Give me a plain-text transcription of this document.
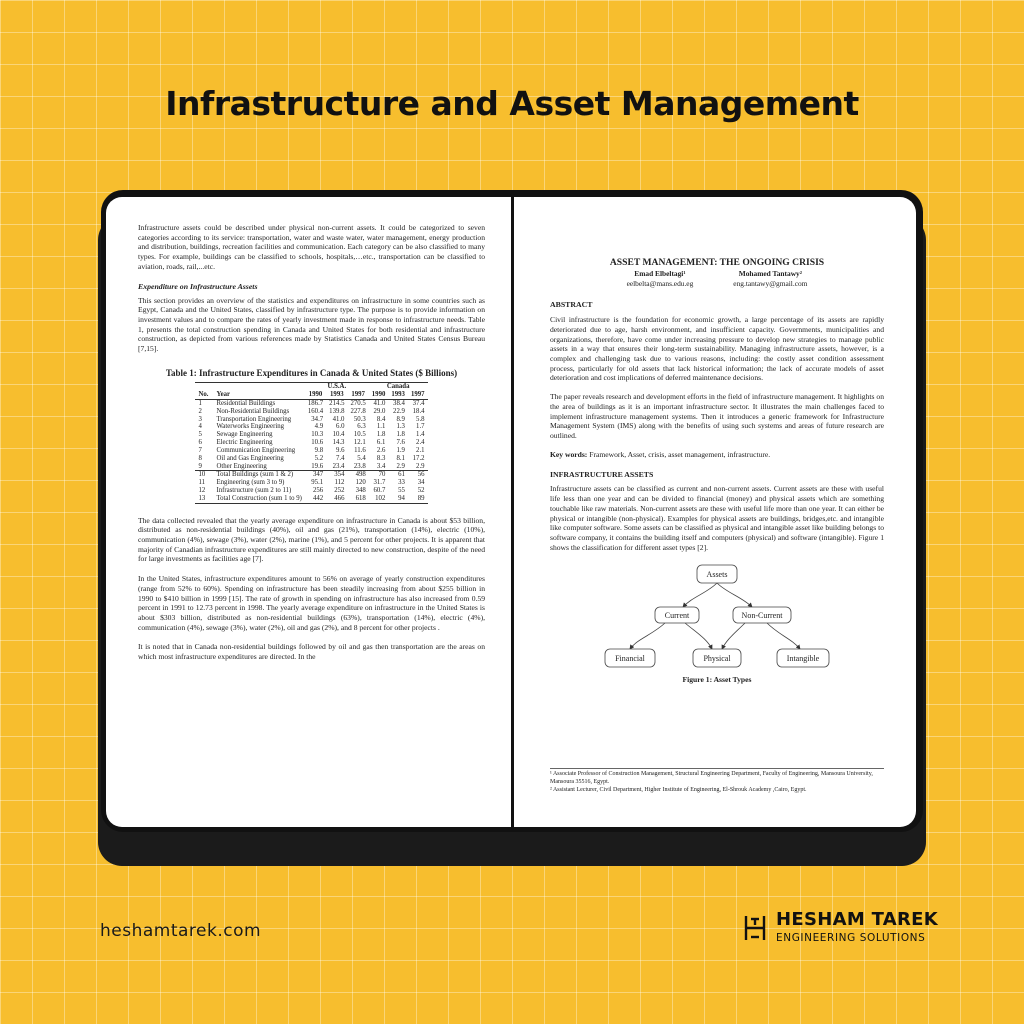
Infrastructure and Asset Management

Infrastructure assets could be described under physical non-current assets. It could be categorized to seven categories according to its service: transportation, water and waste water, water management, energy production and distribution, buildings, recreation facilities and communication. Each category can be also classified to many types. For example, buildings can be classified to schools, hospitals,…etc., transportation can be classified to aviation, roads, rail,...etc.

Expenditure on Infrastructure Assets

This section provides an overview of the statistics and expenditures on infrastructure in some countries such as Egypt, Canada and the United States, classified by infrastructure type. The purpose is to provide information on investment values and to compare the rates of yearly investment made in response to infrastructure needs. Table 1, presents the total construction spending in Canada and United States for both residential and infrastructure construction, as depicted from various references made by Statistics Canada and United States Census Bureau [7,15].

Table 1: Infrastructure Expenditures in Canada & United States ($ Billions)
		U.S.A.			Canada		
No.	Year	1990	1993	1997	1990	1993	1997
1	Residential Buildings	186.7	214.5	270.5	41.0	38.4	37.4
2	Non-Residential Buildings	160.4	139.8	227.8	29.0	22.9	18.4
3	Transportation Engineering	34.7	41.0	50.3	8.4	8.9	5.8
4	Waterworks Engineering	4.9	6.0	6.3	1.1	1.3	1.7
5	Sewage Engineering	10.3	10.4	10.5	1.8	1.8	1.4
6	Electric Engineering	10.6	14.3	12.1	6.1	7.6	2.4
7	Communication Engineering	9.8	9.6	11.6	2.6	1.9	2.1
8	Oil and Gas Engineering	5.2	7.4	5.4	8.3	8.1	17.2
9	Other Engineering	19.6	23.4	23.8	3.4	2.9	2.9
10	Total Buildings (sum 1 & 2)	347	354	498	70	61	56
11	Engineering (sum 3 to 9)	95.1	112	120	31.7	33	34
12	Infrastructure (sum 2 to 11)	256	252	348	60.7	55	52
13	Total Construction (sum 1 to 9)	442	466	618	102	94	89

The data collected revealed that the yearly average expenditure on infrastructure in Canada is about $53 billion, distributed as non-residential buildings (40%), oil and gas (21%), transportation (14%), electric (10%), communication (4%), sewage (3%), water (2%), marine (1%), and 5 percent for other projects. It is apparent that majority of Canadian infrastructure expenditures are still mainly directed to new construction, despite of the need for large investments as facilities age [7].

In the United States, infrastructure expenditures amount to 56% on average of yearly construction expenditures (range from 52% to 60%). Spending on infrastructure has been steadily increasing from about $255 billion in 1990 to $410 billion in 1999 [15]. The rate of growth in spending on infrastructure has also increased from 0.59 percent in 1991 to 12.73 percent in 1998. The yearly average expenditure on infrastructure in the United States is about $303 billion, distributed as non-residential buildings (63%), transportation (14%), electric (4%), communication (4%), sewage (3%), water (2%), oil and gas (2%), and 8 percent for other projects .

It is noted that in Canada non-residential buildings followed by oil and gas then transportation are the areas on which most infrastructure expenditures are directed. In the

ASSET MANAGEMENT: THE ONGOING CRISIS
Emad Elbeltagi¹
eelbelta@mans.edu.eg
Mohamed Tantawy²
eng.tantawy@gmail.com
ABSTRACT

Civil infrastructure is the foundation for economic growth, a large percentage of its assets are rapidly deteriorated due to age, harsh environment, and insufficient capacity. Governments, municipalities and organizations, therefore, have come under increasing pressure to develop new strategies to manage public assets in a way that ensures their long-term sustainability. Managing infrastructure assets, however, is a complex and challenging task due to various reasons, including: the costly asset condition assessment process, particularly for old assets that lack historical information; the lack of accurate models of asset deterioration and cost implications of deferred maintenance decisions.

The paper reveals research and development efforts in the field of infrastructure management. It highlights on the area of buildings as it is an important infrastructure sector. It illustrates the main challenges faced to implement infrastructure management systems. Then it introduces a generic framework for Infrastructure Management System (IMS) along with the benefits of using such systems and areas of future research are outlined.

Key words: Framework, Asset, crisis, asset management, infrastructure.

INFRASTRUCTURE ASSETS

Infrastructure assets can be classified as current and non-current assets. Current assets are these with useful life less than one year and can be divided to financial (money) and physical assets which are something touchable like raw materials. Non-current assets are these with useful life more than one year. It can either be physical or intangible (non-physical). Examples for physical assets are buildings, bridges,etc. and intangible like computer software. Some assets can be classified as physical and intangible asset like building belongs to software company, it contains the building itself and computers (physical) and software (intangible). Figure 1 shows the classification for different asset types [2].

Assets
Current	Non-Current
Financial	Physical	Intangible
Figure 1: Asset Types
¹ Associate Professor of Construction Management, Structural Engineering Department, Faculty of Engineering, Mansoura University, Mansoura 35516, Egypt.
² Assistant Lecturer, Civil Department, Higher Institute of Engineering, El-Shrouk Academy ,Cairo, Egypt.
heshamtarek.com
HESHAM TAREK
ENGINEERING SOLUTIONS
